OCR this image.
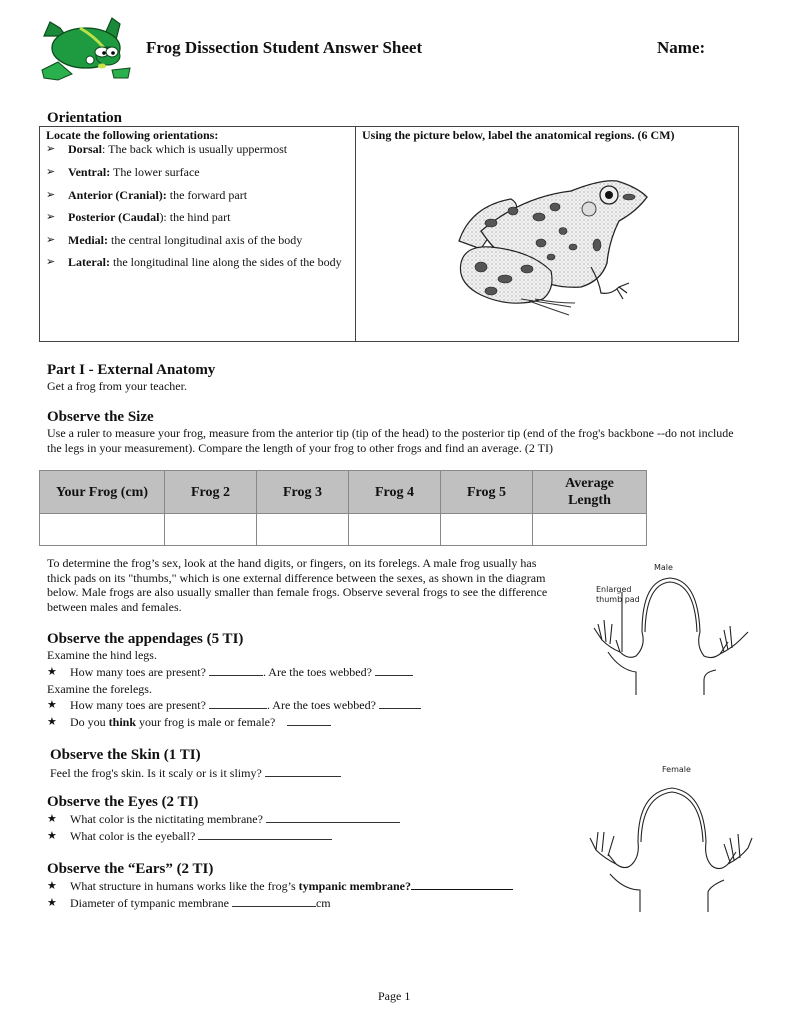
Frog Dissection Student Answer Sheet	Name:
Orientation
Locate the following orientations:
➢	Dorsal: The back which is usually uppermost
➢	Ventral: The lower surface
➢	Anterior (Cranial): the forward part
➢	Posterior (Caudal): the hind part
➢	Medial: the central longitudinal axis of the body
➢	Lateral: the longitudinal line along the sides of the body
Using the picture below, label the anatomical regions. (6 CM)
Part I - External Anatomy
Get a frog from your teacher.
Observe the Size
Use a ruler to measure your frog, measure from the anterior tip (tip of the head) to the posterior tip (end of the frog's backbone --do not include the legs in your measurement). Compare the length of your frog to other frogs and find an average. (2 TI)
Your Frog (cm)	Frog 2	Frog 3	Frog 4	Frog 5	Average Length

To determine the frog’s sex, look at the hand digits, or fingers, on its forelegs. A male frog usually has thick pads on its "thumbs," which is one external difference between the sexes, as shown in the diagram below. Male frogs are also usually smaller than female frogs. Observe several frogs to see the difference between males and females.
Male
Enlarged
thumb pad
Female
Observe the appendages (5 TI)
Examine the hind legs.
★	How many toes are present?	. Are the toes webbed?
Examine the forelegs.
★	How many toes are present?	. Are the toes webbed?
★	Do you think your frog is male or female?
Observe the Skin (1 TI)
Feel the frog's skin. Is it scaly or is it slimy?
Observe the Eyes (2 TI)
★	What color is the nictitating membrane?
★	What color is the eyeball?
Observe the “Ears” (2 TI)
★	What structure in humans works like the frog’s tympanic membrane?
★	Diameter of tympanic membrane	cm
Page 1
